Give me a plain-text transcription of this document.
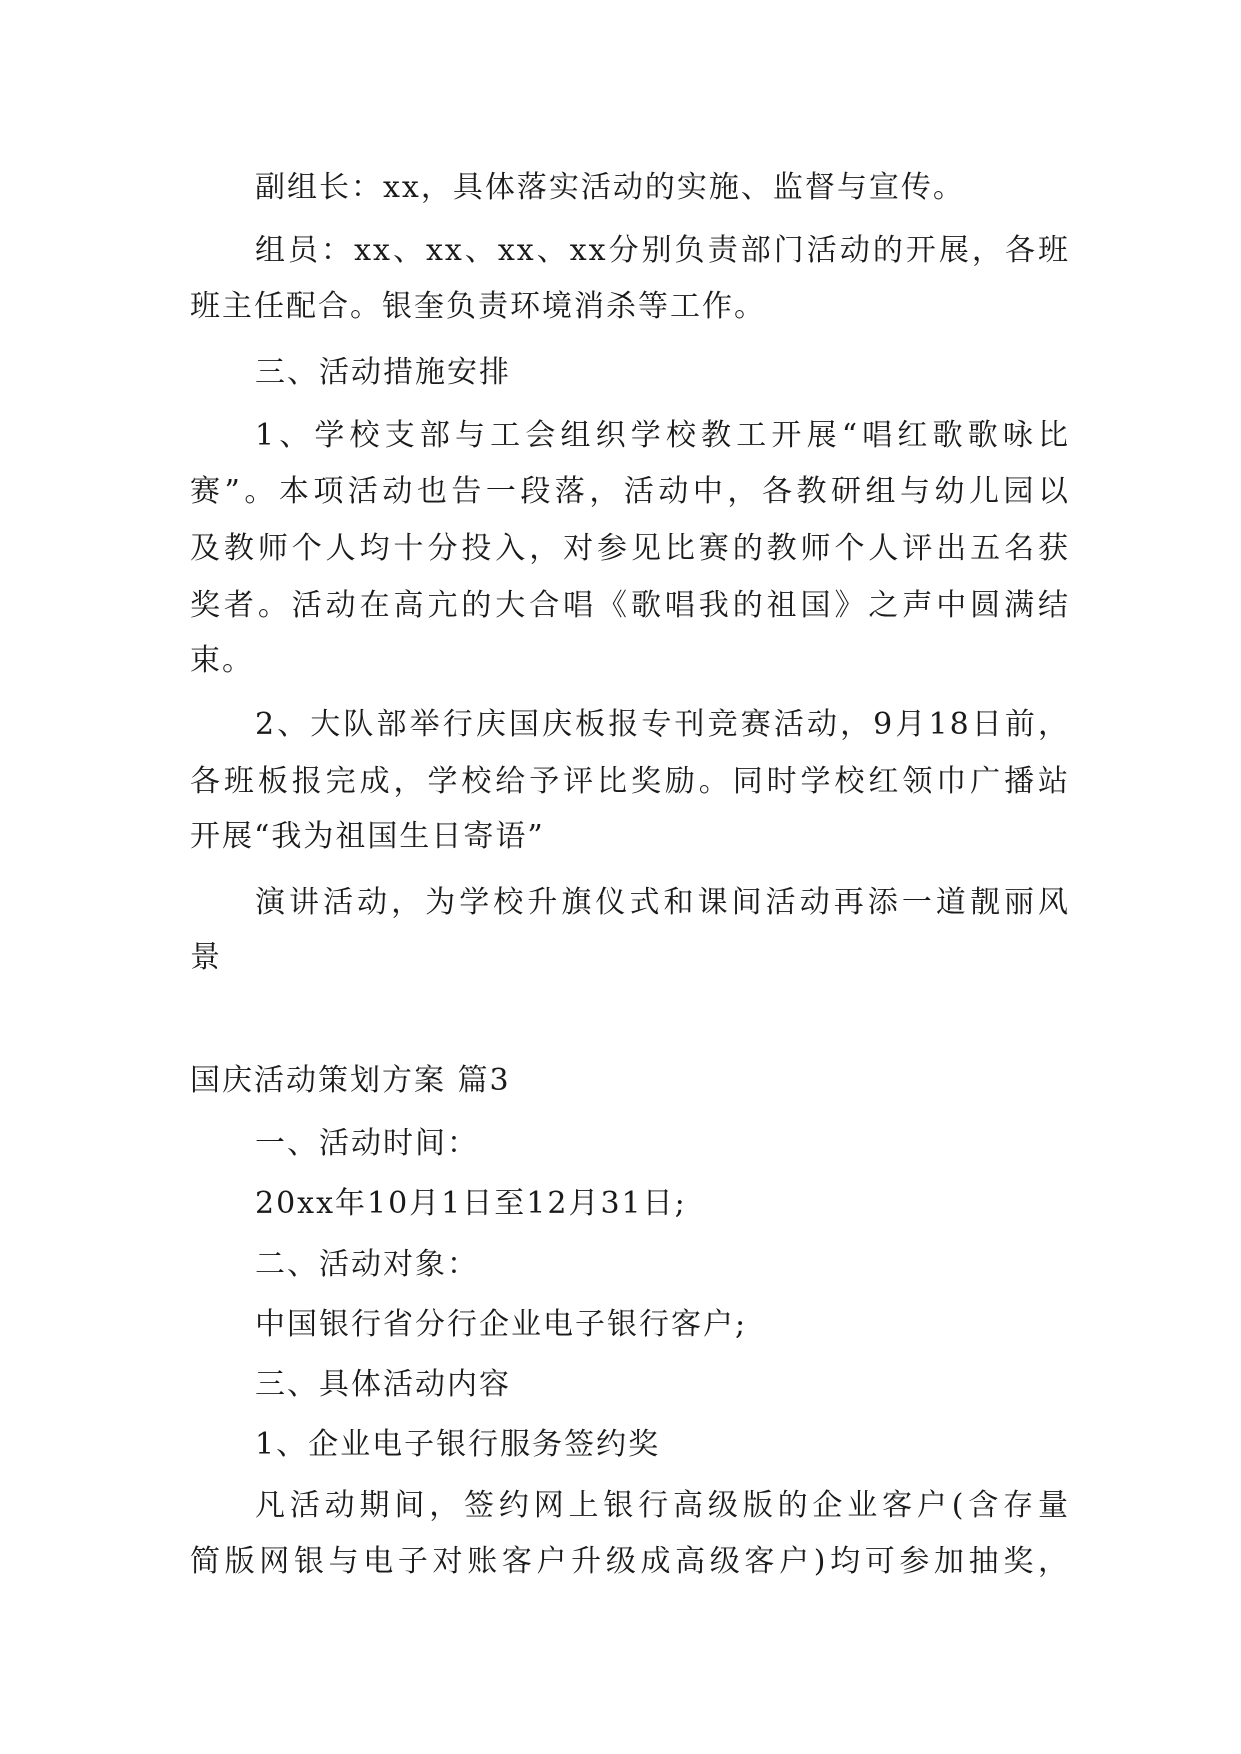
副组长：xx，具体落实活动的实施、监督与宣传。
组员：xx、xx、xx、xx分别负责部门活动的开展，各班
班主任配合。银奎负责环境消杀等工作。
三、活动措施安排
1、学校支部与工会组织学校教工开展“唱红歌歌咏比
赛”。本项活动也告一段落，活动中，各教研组与幼儿园以
及教师个人均十分投入，对参见比赛的教师个人评出五名获
奖者。活动在高亢的大合唱《歌唱我的祖国》之声中圆满结
束。
2、大队部举行庆国庆板报专刊竞赛活动，9月18日前，
各班板报完成，学校给予评比奖励。同时学校红领巾广播站
开展“我为祖国生日寄语”
演讲活动，为学校升旗仪式和课间活动再添一道靓丽风
景
国庆活动策划方案 篇3
一、活动时间：
20xx年10月1日至12月31日;
二、活动对象：
中国银行省分行企业电子银行客户;
三、具体活动内容
1、企业电子银行服务签约奖
凡活动期间，签约网上银行高级版的企业客户(含存量
简版网银与电子对账客户升级成高级客户)均可参加抽奖，
